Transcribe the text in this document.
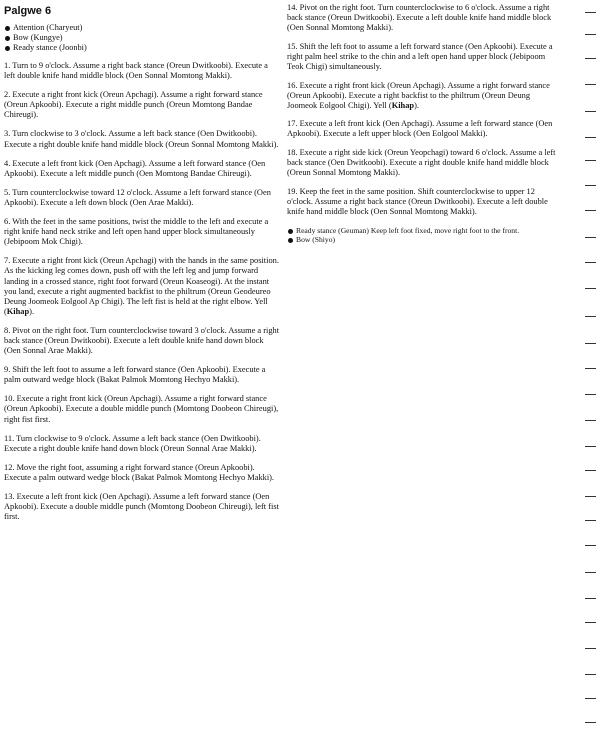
Palgwe 6
Attention (Charyeut)
Bow (Kungye)
Ready stance (Joonbi)

1. Turn to 9 o'clock. Assume a right back stance (Oreun Dwitkoobi). Execute a left double knife hand middle block (Oen Sonnal Momtong Makki).

2. Execute a right front kick (Oreun Apchagi). Assume a right forward stance (Oreun Apkoobi). Execute a right middle punch (Oreun Momtong Bandae Chireugi).

3. Turn clockwise to 3 o'clock. Assume a left back stance (Oen Dwitkoobi). Execute a right double knife hand middle block (Oreun Sonnal Momtong Makki).

4. Execute a left front kick (Oen Apchagi). Assume a left forward stance (Oen Apkoobi). Execute a left middle punch (Oen Momtong Bandae Chireugi).

5. Turn counterclockwise toward 12 o'clock. Assume a left forward stance (Oen Apkoobi). Execute a left down block (Oen Arae Makki).

6. With the feet in the same positions, twist the middle to the left and execute a right knife hand neck strike and left open hand upper block simultaneously (Jebipoom Mok Chigi).

7. Execute a right front kick (Oreun Apchagi) with the hands in the same position. As the kicking leg comes down, push off with the left leg and jump forward landing in a crossed stance, right foot forward (Oreun Koaseogi). At the instant you land, execute a right augmented backfist to the philtrum (Oreun Geodeureo Deung Joomeok Eolgool Ap Chigi). The left fist is held at the right elbow. Yell (Kihap).

8. Pivot on the right foot. Turn counterclockwise toward 3 o'clock. Assume a right back stance (Oreun Dwitkoobi). Execute a left double knife hand down block (Oen Sonnal Arae Makki).

9. Shift the left foot to assume a left forward stance (Oen Apkoobi). Execute a palm outward wedge block (Bakat Palmok Momtong Hechyo Makki).

10. Execute a right front kick (Oreun Apchagi). Assume a right forward stance (Oreun Apkoobi). Execute a double middle punch (Momtong Doobeon Chireugi), right fist first.

11. Turn clockwise to 9 o'clock. Assume a left back stance (Oen Dwitkoobi). Execute a right double knife hand down block (Oreun Sonnal Arae Makki).

12. Move the right foot, assuming a right forward stance (Oreun Apkoobi). Execute a palm outward wedge block (Bakat Palmok Momtong Hechyo Makki).

13. Execute a left front kick (Oen Apchagi). Assume a left forward stance (Oen Apkoobi). Execute a double middle punch (Momtong Doobeon Chireugi), left fist first.

14. Pivot on the right foot. Turn counterclockwise to 6 o'clock. Assume a right back stance (Oreun Dwitkoobi). Execute a left double knife hand middle block (Oen Sonnal Momtong Makki).

15. Shift the left foot to assume a left forward stance (Oen Apkoobi). Execute a right palm heel strike to the chin and a left open hand upper block (Jebipoom Teok Chigi) simultaneously.

16. Execute a right front kick (Oreun Apchagi). Assume a right forward stance (Oreun Apkoobi). Execute a right backfist to the philtrum (Oreun Deung Joomeok Eolgool Chigi). Yell (Kihap).

17. Execute a left front kick (Oen Apchagi). Assume a left forward stance (Oen Apkoobi). Execute a left upper block (Oen Eolgool Makki).

18. Execute a right side kick (Oreun Yeopchagi) toward 6 o'clock. Assume a left back stance (Oen Dwitkoobi). Execute a right double knife hand middle block (Oreun Sonnal Momtong Makki).

19. Keep the feet in the same position. Shift counterclockwise to upper 12 o'clock. Assume a right back stance (Oreun Dwitkoobi). Execute a left double knife hand middle block (Oen Sonnal Momtong Makki).

Ready stance (Geuman) Keep left foot fixed, move right foot to the front.
Bow (Shiyo)
